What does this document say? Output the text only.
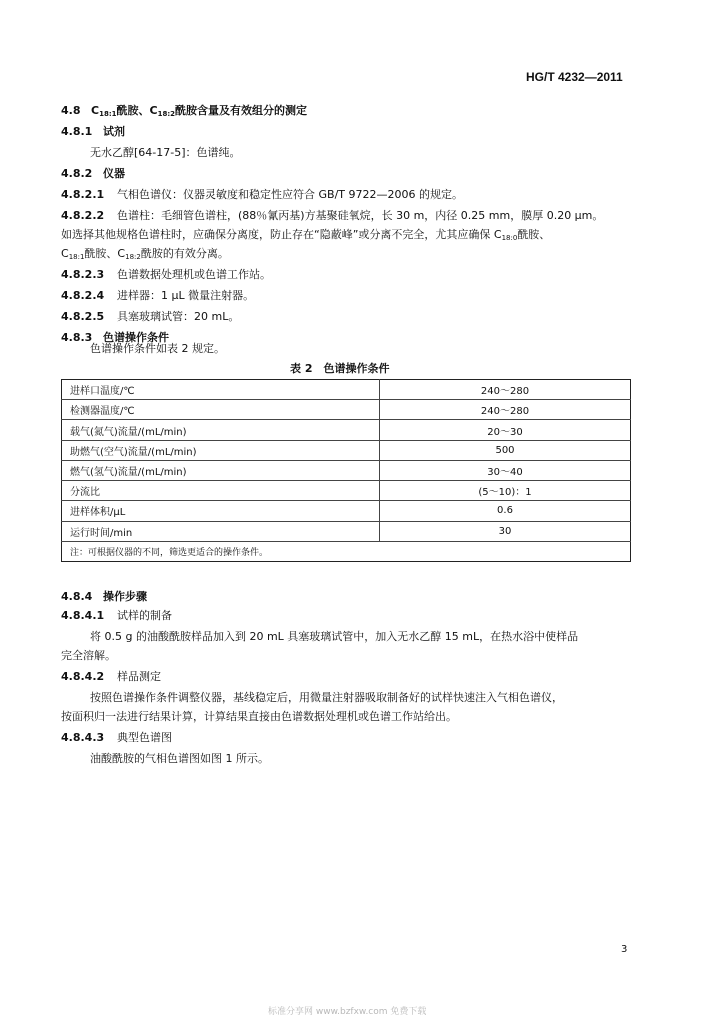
HG/T 4232—2011
4.8 $C_{18:1}$酰胺、$C_{18:2}$酰胺含量及有效组分的测定
4.8.1 试剂
无水乙醇[64-17-5]：色谱纯。
4.8.2 仪器
4.8.2.1 气相色谱仪：仪器灵敏度和稳定性应符合 GB/T 9722—2006 的规定。
4.8.2.2 色谱柱：毛细管色谱柱，(88％氰丙基)方基聚硅氧烷，长 30 m，内径 0.25 mm，膜厚 0.20 μm。
如选择其他规格色谱柱时，应确保分离度，防止存在“隐蔽峰”或分离不完全，尤其应确保 $C_{18:0}$酰胺、
$C_{18:1}$酰胺、$C_{18:2}$酰胺的有效分离。
4.8.2.3 色谱数据处理机或色谱工作站。
4.8.2.4 进样器：1 μL 微量注射器。
4.8.2.5 具塞玻璃试管：20 mL。
4.8.3 色谱操作条件
色谱操作条件如表 2 规定。
表 2　色谱操作条件
进样口温度/℃	240～280
检测器温度/℃	240～280
载气(氮气)流量/(mL/min)	20～30
助燃气(空气)流量/(mL/min)	500
燃气(氢气)流量/(mL/min)	30～40
分流比	(5～10)：1
进样体积/μL	0.6
运行时间/min	30
注：可根据仪器的不同，筛选更适合的操作条件。	
4.8.4 操作步骤
4.8.4.1 试样的制备
将 0.5 g 的油酸酰胺样品加入到 20 mL 具塞玻璃试管中，加入无水乙醇 15 mL，在热水浴中使样品
完全溶解。
4.8.4.2 样品测定
按照色谱操作条件调整仪器，基线稳定后，用微量注射器吸取制备好的试样快速注入气相色谱仪，
按面积归一法进行结果计算，计算结果直接由色谱数据处理机或色谱工作站给出。
4.8.4.3 典型色谱图
油酸酰胺的气相色谱图如图 1 所示。
3
标准分享网 www.bzfxw.com 免费下载
